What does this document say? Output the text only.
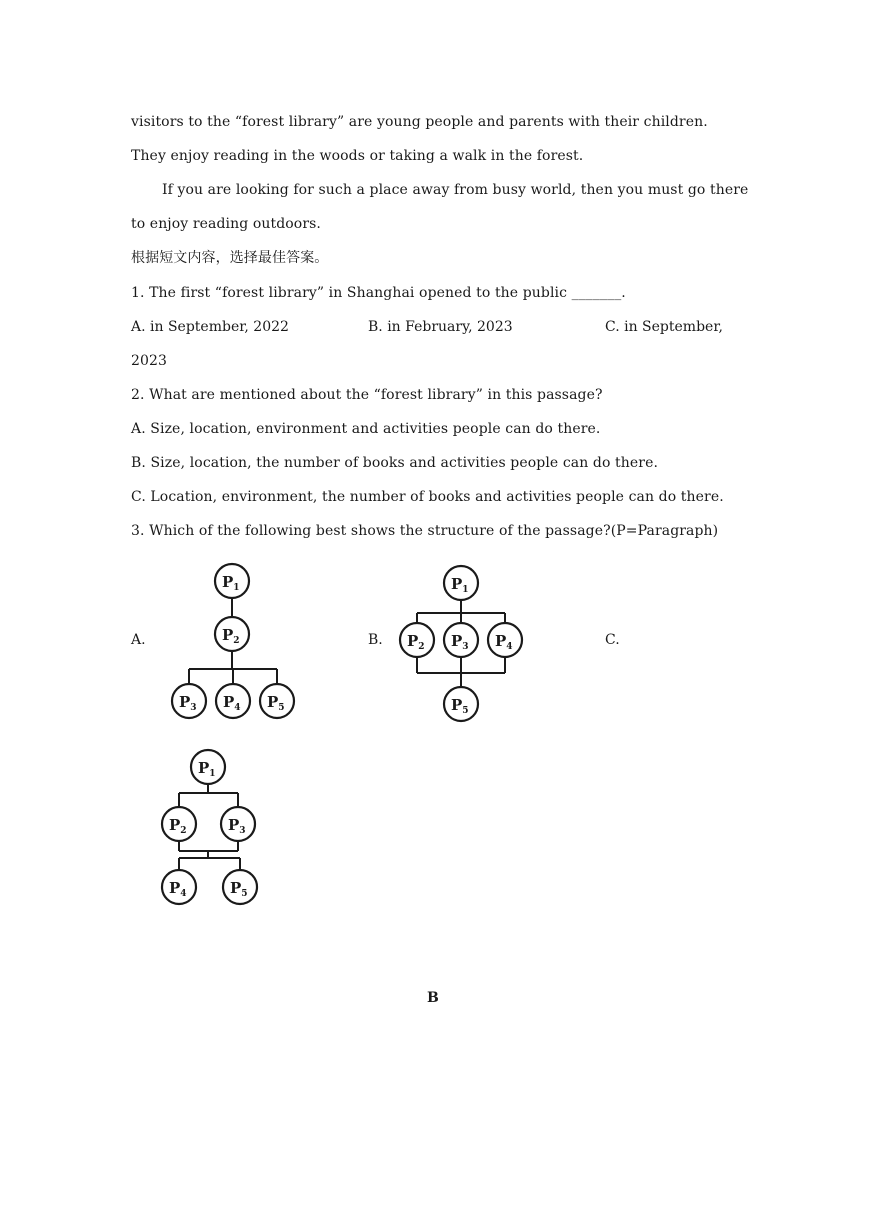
visitors to the “forest library” are young people and parents with their children.
They enjoy reading in the woods or taking a walk in the forest.
If you are looking for such a place away from busy world, then you must go there
to enjoy reading outdoors.
根据短文内容，选择最佳答案。
1. The first “forest library” in Shanghai opened to the public _______.
A. in September, 2022	B. in February, 2023	C. in September,
2023
2. What are mentioned about the “forest library” in this passage?
A. Size, location, environment and activities people can do there.
B. Size, location, the number of books and activities people can do there.
C. Location, environment, the number of books and activities people can do there.
3. Which of the following best shows the structure of the passage?(P=Paragraph)
A.	B.	C.
$P_1$
$P_2$
$P_3$ $P_4$ $P_5$
$P_1$
$P_2$ $P_3$ $P_4$
$P_5$
$P_1$
$P_2$	$P_3$
$P_4$	$P_5$
B
